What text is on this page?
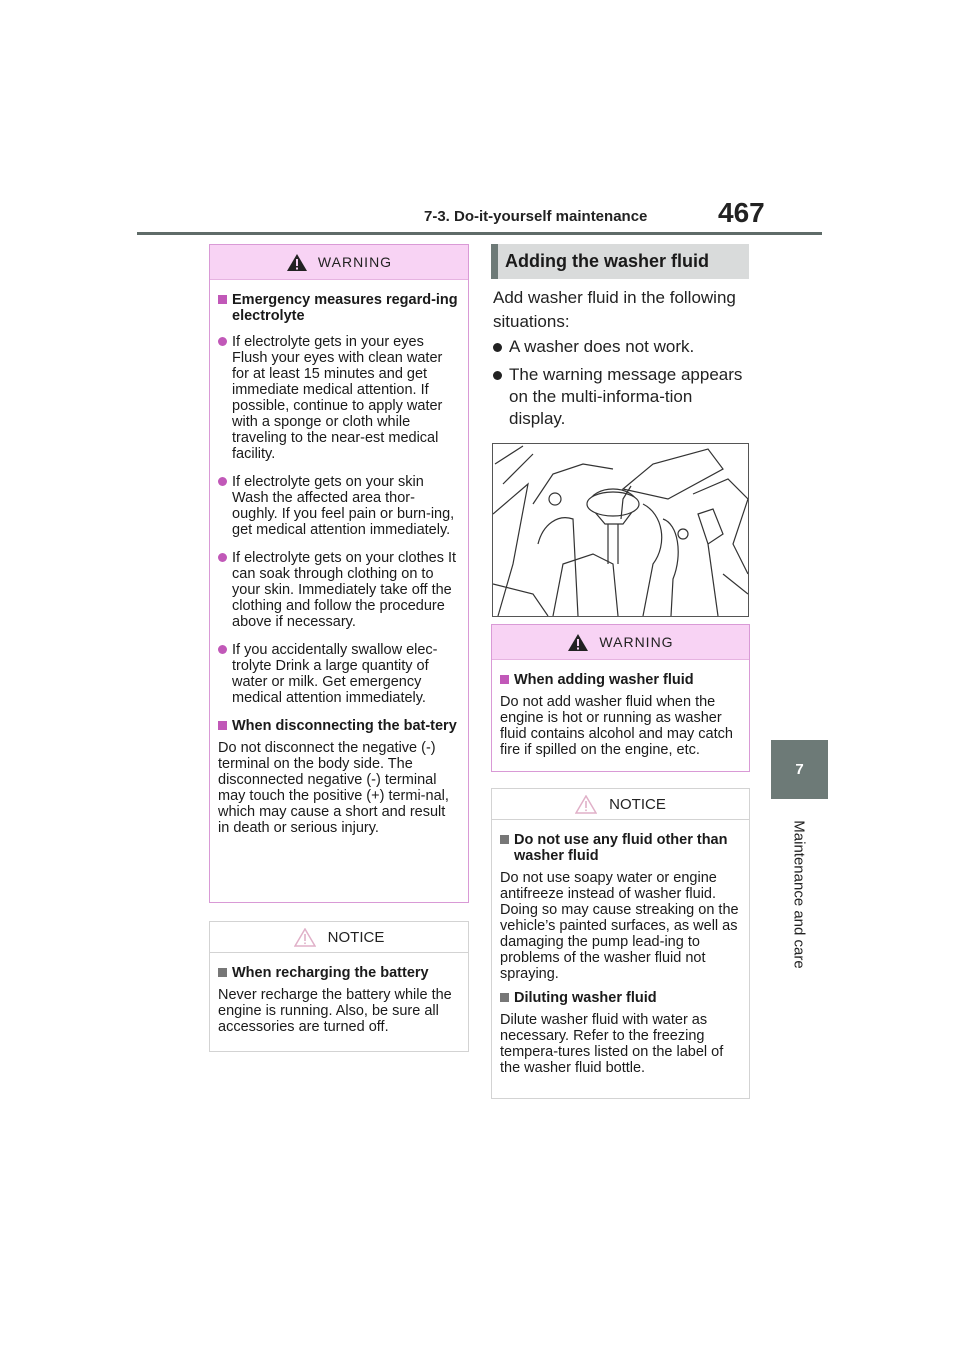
7-3. Do-it-yourself maintenance	467
7
Maintenance and care
WARNING
Emergency measures regard-ing electrolyte
If electrolyte gets in your eyes Flush your eyes with clean water for at least 15 minutes and get immediate medical attention. If possible, continue to apply water with a sponge or cloth while traveling to the near-est medical facility.
If electrolyte gets on your skin Wash the affected area thor-oughly. If you feel pain or burn-ing, get medical attention immediately.
If electrolyte gets on your clothes It can soak through clothing on to your skin. Immediately take off the clothing and follow the procedure above if necessary.
If you accidentally swallow elec-trolyte Drink a large quantity of water or milk. Get emergency medical attention immediately.
When disconnecting the bat-tery
Do not disconnect the negative (-) terminal on the body side. The disconnected negative (-) terminal may touch the positive (+) termi-nal, which may cause a short and result in death or serious injury.
NOTICE
When recharging the battery
Never recharge the battery while the engine is running. Also, be sure all accessories are turned off.
Adding the washer fluid
Add washer fluid in the following situations:
A washer does not work.
The warning message appears on the multi-informa-tion display.
WARNING
When adding washer fluid
Do not add washer fluid when the engine is hot or running as washer fluid contains alcohol and may catch fire if spilled on the engine, etc.
NOTICE
Do not use any fluid other than washer fluid
Do not use soapy water or engine antifreeze instead of washer fluid. Doing so may cause streaking on the vehicle’s painted surfaces, as well as damaging the pump lead-ing to problems of the washer fluid not spraying.
Diluting washer fluid
Dilute washer fluid with water as necessary. Refer to the freezing tempera-tures listed on the label of the washer fluid bottle.
